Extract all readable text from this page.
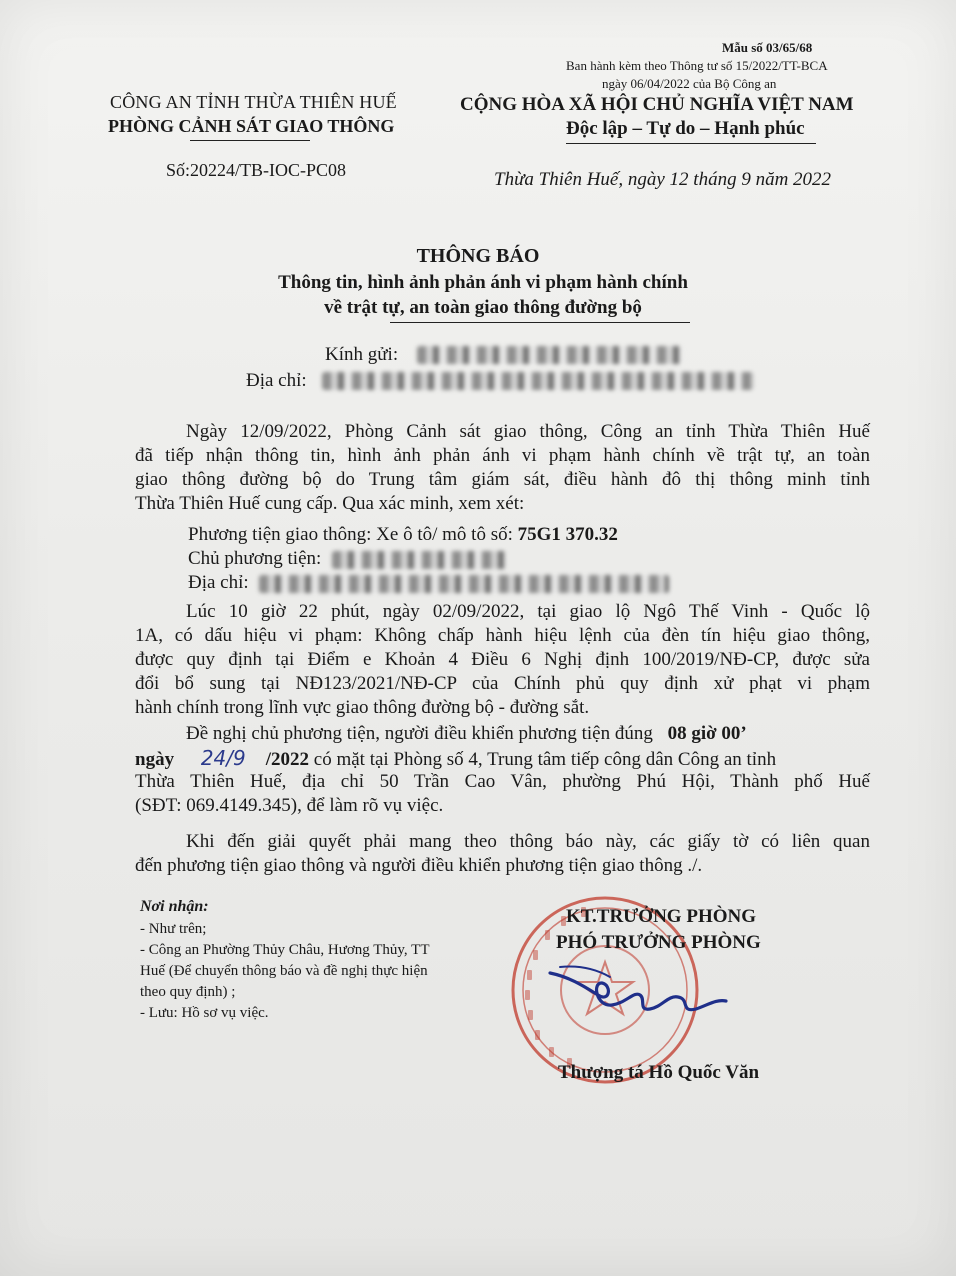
Mẫu số 03/65/68
Ban hành kèm theo Thông tư số 15/2022/TT-BCA
ngày 06/04/2022 của Bộ Công an
CÔNG AN TỈNH THỪA THIÊN HUẾ
PHÒNG CẢNH SÁT GIAO THÔNG
Số:20224/TB-IOC-PC08
CỘNG HÒA XÃ HỘI CHỦ NGHĨA VIỆT NAM
Độc lập – Tự do – Hạnh phúc
Thừa Thiên Huế, ngày 12 tháng 9 năm 2022
THÔNG BÁO
Thông tin, hình ảnh phản ánh vi phạm hành chính
về trật tự, an toàn giao thông đường bộ
Kính gửi:
Địa chỉ:
Ngày 12/09/2022, Phòng Cảnh sát giao thông, Công an tỉnh Thừa Thiên Huế
đã tiếp nhận thông tin, hình ảnh phản ánh vi phạm hành chính về trật tự, an toàn
giao thông đường bộ do Trung tâm giám sát, điều hành đô thị thông minh tỉnh
Thừa Thiên Huế cung cấp. Qua xác minh, xem xét:
Phương tiện giao thông: Xe ô tô/ mô tô số: 75G1 370.32
Chủ phương tiện:
Địa chỉ:
Lúc 10 giờ 22 phút, ngày 02/09/2022, tại giao lộ Ngô Thế Vinh - Quốc lộ
1A, có dấu hiệu vi phạm: Không chấp hành hiệu lệnh của đèn tín hiệu giao thông,
được quy định tại Điểm e Khoản 4 Điều 6 Nghị định 100/2019/NĐ-CP, được sửa
đổi bổ sung tại NĐ123/2021/NĐ-CP của Chính phủ quy định xử phạt vi phạm
hành chính trong lĩnh vực giao thông đường bộ - đường sắt.
Đề nghị chủ phương tiện, người điều khiển phương tiện đúng 08 giờ 00’
ngày 24/9 /2022 có mặt tại Phòng số 4, Trung tâm tiếp công dân Công an tỉnh
Thừa Thiên Huế, địa chỉ 50 Trần Cao Vân, phường Phú Hội, Thành phố Huế
(SĐT: 069.4149.345), để làm rõ vụ việc.
Khi đến giải quyết phải mang theo thông báo này, các giấy tờ có liên quan
đến phương tiện giao thông và người điều khiển phương tiện giao thông ./.
Nơi nhận:
- Như trên;
- Công an Phường Thủy Châu, Hương Thủy, TT
Huế (Để chuyển thông báo và đề nghị thực hiện
theo quy định) ;
- Lưu: Hồ sơ vụ việc.
KT.TRƯỞNG PHÒNG
PHÓ TRƯỞNG PHÒNG
Thượng tá Hồ Quốc Văn
